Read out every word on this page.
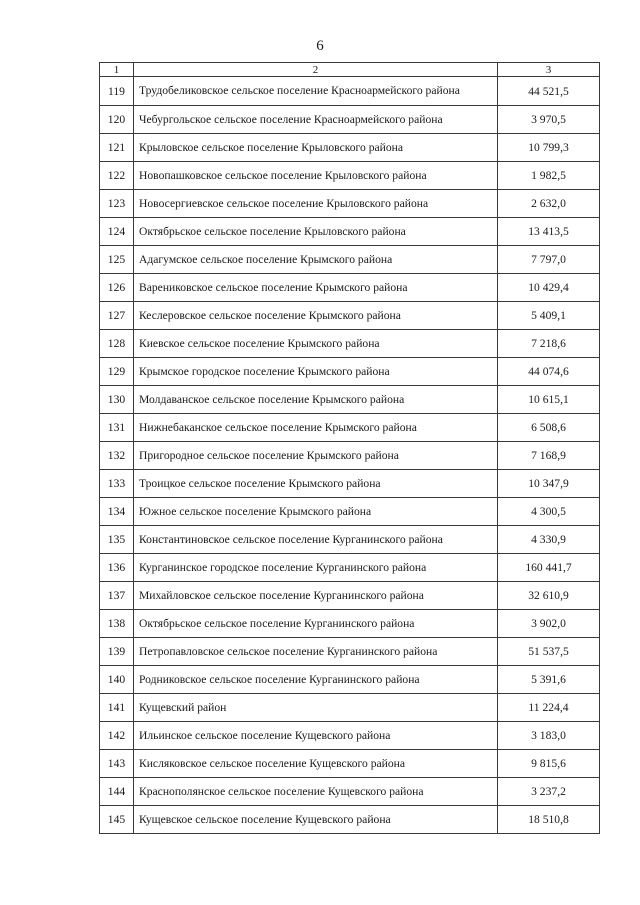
6
1	2	3
119	Трудобеликовское сельское поселение Красноармейского района	44 521,5
120	Чебургольское сельское поселение Красноармейского района	3 970,5
121	Крыловское сельское поселение Крыловского района	10 799,3
122	Новопашковское сельское поселение Крыловского района	1 982,5
123	Новосергиевское сельское поселение Крыловского района	2 632,0
124	Октябрьское сельское поселение Крыловского района	13 413,5
125	Адагумское сельское поселение Крымского района	7 797,0
126	Варениковское сельское поселение Крымского района	10 429,4
127	Кеслеровское сельское поселение Крымского района	5 409,1
128	Киевское сельское поселение Крымского района	7 218,6
129	Крымское городское поселение Крымского района	44 074,6
130	Молдаванское сельское поселение Крымского района	10 615,1
131	Нижнебаканское сельское поселение Крымского района	6 508,6
132	Пригородное сельское поселение Крымского района	7 168,9
133	Троицкое сельское поселение Крымского района	10 347,9
134	Южное сельское поселение Крымского района	4 300,5
135	Константиновское сельское поселение Курганинского района	4 330,9
136	Курганинское городское поселение Курганинского района	160 441,7
137	Михайловское сельское поселение Курганинского района	32 610,9
138	Октябрьское сельское поселение Курганинского района	3 902,0
139	Петропавловское сельское поселение Курганинского района	51 537,5
140	Родниковское сельское поселение Курганинского района	5 391,6
141	Кущевский район	11 224,4
142	Ильинское сельское поселение Кущевского района	3 183,0
143	Кисляковское сельское поселение Кущевского района	9 815,6
144	Краснополянское сельское поселение Кущевского района	3 237,2
145	Кущевское сельское поселение Кущевского района	18 510,8
